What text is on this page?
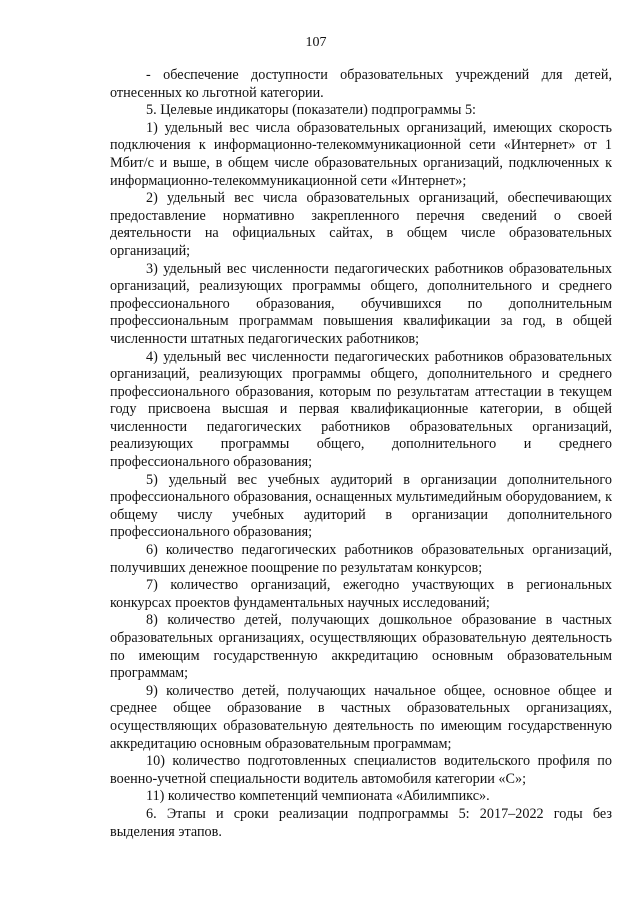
107

- обеспечение доступности образовательных учреждений для детей, отнесенных ко льготной категории.

5. Целевые индикаторы (показатели) подпрограммы 5:

1) удельный вес числа образовательных организаций, имеющих скорость подключения к информационно-телекоммуникационной сети «Интернет» от 1 Мбит/с и выше, в общем числе образовательных организаций, подключенных к информационно-телекоммуникационной сети «Интернет»;

2) удельный вес числа образовательных организаций, обеспечивающих предоставление нормативно закрепленного перечня сведений о своей деятельности на официальных сайтах, в общем числе образовательных организаций;

3) удельный вес численности педагогических работников образовательных организаций, реализующих программы общего, дополнительного и среднего профессионального образования, обучившихся по дополнительным профессиональным программам повышения квалификации за год, в общей численности штатных педагогических работников;

4) удельный вес численности педагогических работников образовательных организаций, реализующих программы общего, дополнительного и среднего профессионального образования, которым по результатам аттестации в текущем году присвоена высшая и первая квалификационные категории, в общей численности педагогических работников образовательных организаций, реализующих программы общего, дополнительного и среднего профессионального образования;

5) удельный вес учебных аудиторий в организации дополнительного профессионального образования, оснащенных мультимедийным оборудованием, к общему числу учебных аудиторий в организации дополнительного профессионального образования;

6) количество педагогических работников образовательных организаций, получивших денежное поощрение по результатам конкурсов;

7) количество организаций, ежегодно участвующих в региональных конкурсах проектов фундаментальных научных исследований;

8) количество детей, получающих дошкольное образование в частных образовательных организациях, осуществляющих образовательную деятельность по имеющим государственную аккредитацию основным образовательным программам;

9) количество детей, получающих начальное общее, основное общее и среднее общее образование в частных образовательных организациях, осуществляющих образовательную деятельность по имеющим государственную аккредитацию основным образовательным программам;

10) количество подготовленных специалистов водительского профиля по военно-учетной специальности водитель автомобиля категории «С»;

11) количество компетенций чемпионата «Абилимпикс».

6. Этапы и сроки реализации подпрограммы 5: 2017–2022 годы без выделения этапов.
